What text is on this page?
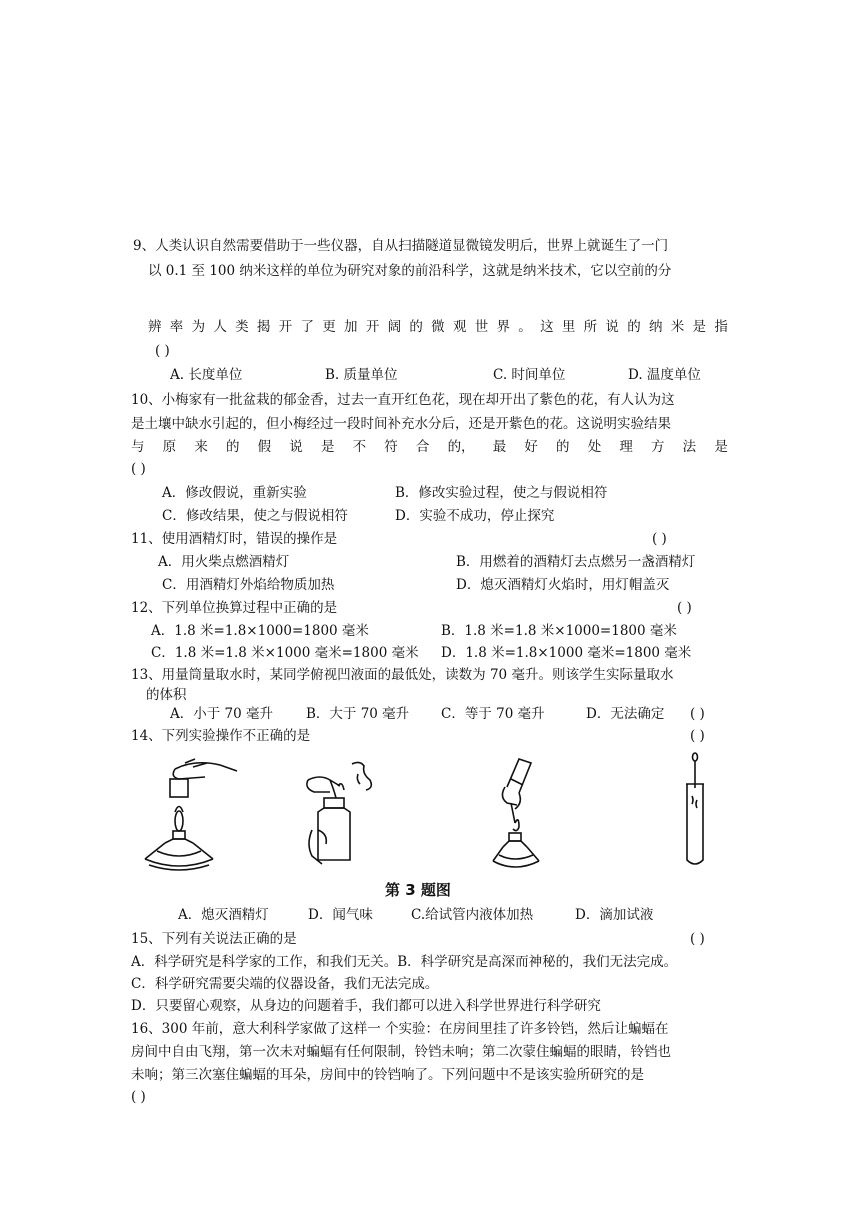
9、人类认识自然需要借助于一些仪器，自从扫描隧道显微镜发明后，世界上就诞生了一门
以 0.1 至 100 纳米这样的单位为研究对象的前沿科学，这就是纳米技术，它以空前的分
辨 率 为 人 类 揭 开 了 更 加 开 阔 的 微 观 世 界 。 这 里 所 说 的 纳 米 是 指
( )
A. 长度单位	B. 质量单位	C. 时间单位	D. 温度单位
10、小梅家有一批盆栽的郁金香，过去一直开红色花，现在却开出了紫色的花，有人认为这
是土壤中缺水引起的，但小梅经过一段时间补充水分后，还是开紫色的花。这说明实验结果
与 原 来 的 假 说 是 不 符 合 的， 最 好 的 处 理 方 法 是
( )
A．修改假说，重新实验	B．修改实验过程，使之与假说相符
C．修改结果，使之与假说相符	D．实验不成功，停止探究
11、使用酒精灯时，错误的操作是	( )
A．用火柴点燃酒精灯	B．用燃着的酒精灯去点燃另一盏酒精灯
C．用酒精灯外焰给物质加热	D．熄灭酒精灯火焰时，用灯帽盖灭
12、下列单位换算过程中正确的是	( )
A．1.8 米=1.8×1000=1800 毫米	B．1.8 米=1.8 米×1000=1800 毫米
C．1.8 米=1.8 米×1000 毫米=1800 毫米 D．1.8 米=1.8×1000 毫米=1800 毫米
13、用量筒量取水时，某同学俯视凹液面的最低处，读数为 70 毫升。则该学生实际量取水
的体积
A．小于 70 毫升 B．大于 70 毫升 C．等于 70 毫升	D．无法确定 ( )
14、下列实验操作不正确的是	( )
第 3 题图
A．熄灭酒精灯	D．闻气味	C.给试管内液体加热	D．滴加试液
15、下列有关说法正确的是	( )
A．科学研究是科学家的工作，和我们无关。B．科学研究是高深而神秘的，我们无法完成。
C．科学研究需要尖端的仪器设备，我们无法完成。
D．只要留心观察，从身边的问题着手，我们都可以进入科学世界进行科学研究
16、300 年前，意大利科学家做了这样一 个实验：在房间里挂了许多铃铛，然后让蝙蝠在
房间中自由飞翔，第一次未对蝙蝠有任何限制，铃铛未响；第二次蒙住蝙蝠的眼睛，铃铛也
未响；第三次塞住蝙蝠的耳朵，房间中的铃铛响了。下列问题中不是该实验所研究的是
( )
